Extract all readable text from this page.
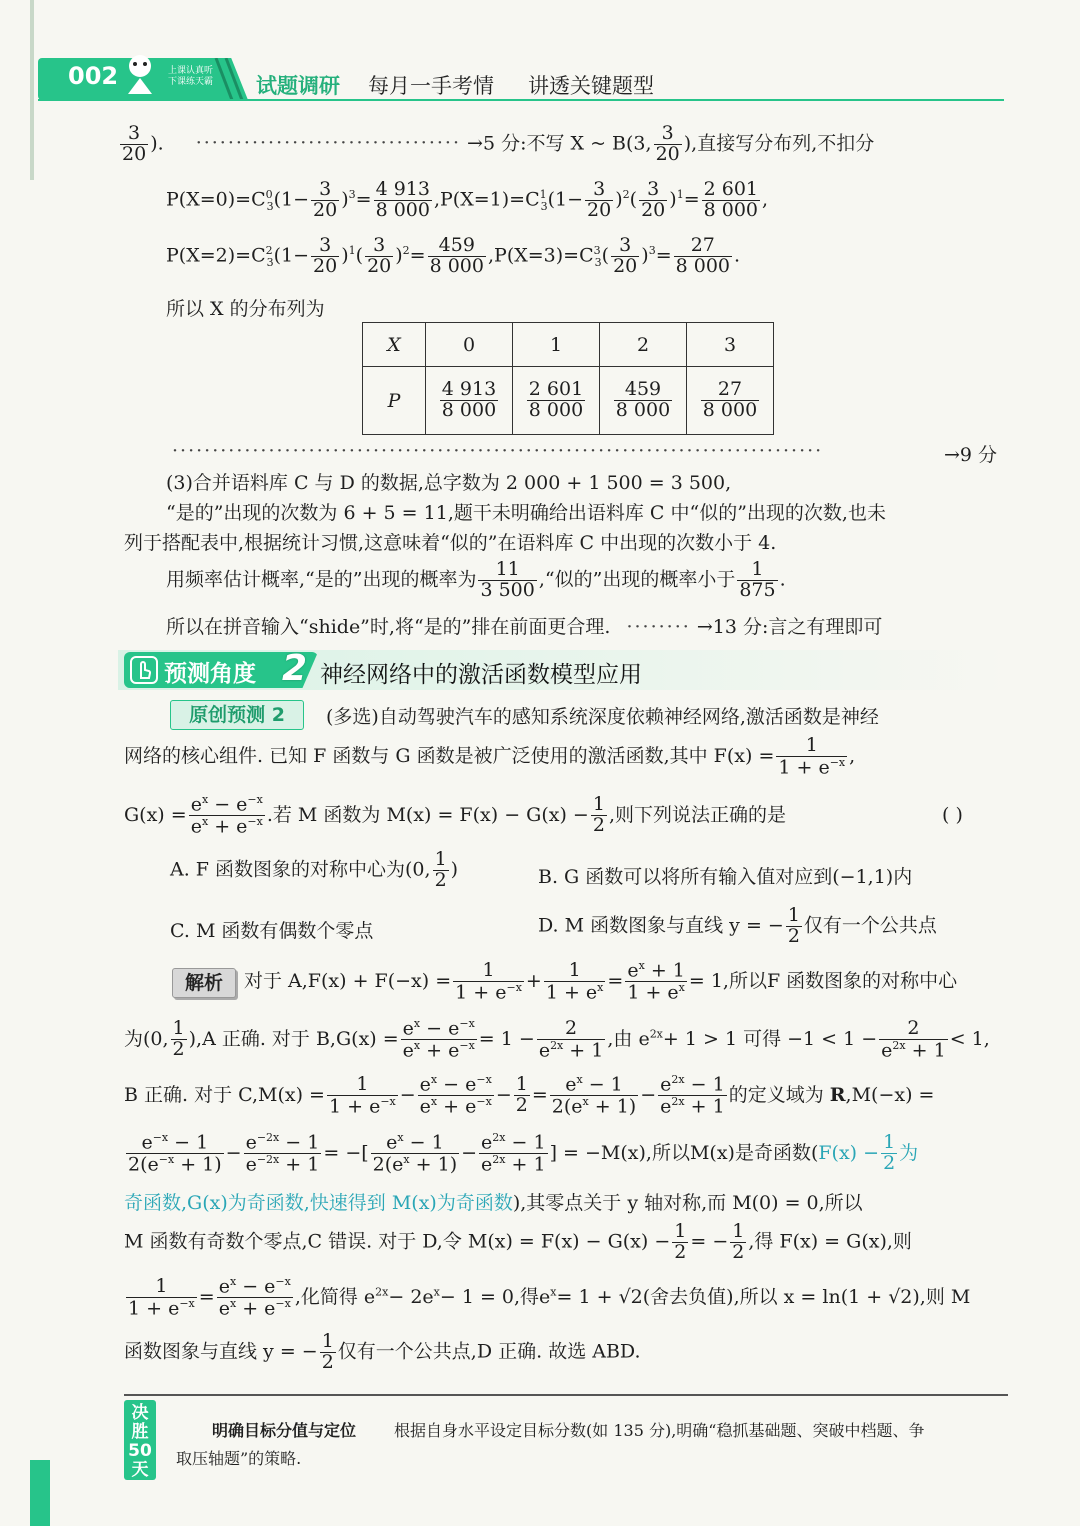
002	上课认真听
下课练天霸	试题调研 每月一手考情 讲透关键题型
$\frac{3}{20}$ ). ································· →5 分:不写 X ~ B(3, $\frac{3}{20}$ ),直接写分布列,不扣分
$P(X=0)=C^0_3(1- \frac{3}{20} )^3= \frac{4 913}{8 000} ,P(X=1)=C^1_3(1- \frac{3}{20} )^2( \frac{3}{20} )^1= \frac{2 601}{8 000}$ ,
$P(X=2)=C^2_3(1- \frac{3}{20} )^1( \frac{3}{20} )^2= \frac{459}{8 000} ,P(X=3)=C^3_3( \frac{3}{20} )^3= \frac{27}{8 000}$ .
所以 X 的分布列为
X	0	1	2	3
P	$\frac{4 913}{8 000}$	$\frac{2 601}{8 000}$	$\frac{459}{8 000}$	$\frac{27}{8 000}$
·················································································	→9 分
(3)合并语料库 C 与 D 的数据,总字数为 2 000 + 1 500 = 3 500,
“是的”出现的次数为 6 + 5 = 11,题干未明确给出语料库 C 中“似的”出现的次数,也未
列于搭配表中,根据统计习惯,这意味着“似的”在语料库 C 中出现的次数小于 4.
用频率估计概率,“是的”出现的概率为 $\frac{11}{3 500}$ ,“似的”出现的概率小于 $\frac{1}{875}$ .
所以在拼音输入“shide”时,将“是的”排在前面更合理. ········ →13 分:言之有理即可
预测角度 2 神经网络中的激活函数模型应用
原创预测 2	(多选)自动驾驶汽车的感知系统深度依赖神经网络,激活函数是神经
网络的核心组件. 已知 F 函数与 G 函数是被广泛使用的激活函数,其中 $F(x) = \frac{1}{1 + e^{-x}}$ ,
$G(x) = \frac{e^x - e^{-x}}{e^x + e^{-x}}$ .若 M 函数为 $M(x) = F(x) - G(x) - \frac{1}{2}$ ,则下列说法正确的是	( )
A. F 函数图象的对称中心为(0, $\frac{1}{2}$ )	B. G 函数可以将所有输入值对应到(−1,1)内
C. M 函数有偶数个零点	D. M 函数图象与直线 y = − $\frac{1}{2}$ 仅有一个公共点
解析	对于 $A,F(x) + F(-x) = \frac{1}{1 + e^{-x}} + \frac{1}{1 + e^x} = \frac{e^x + 1}{1 + e^x} = 1$,所以F 函数图象的对称中心
为(0, $\frac{1}{2} ),A$ 正确. 对于 $B,G(x) = \frac{e^x - e^{-x}}{e^x + e^{-x}} = 1 - \frac{2}{e^{2x} + 1}$ ,由 $e^{2x}+ 1 > 1$ 可得 $-1 < 1 - \frac{2}{e^{2x} + 1} < 1$,
B 正确. 对于 $C,M(x) = \frac{1}{1 + e^{-x}} - \frac{e^x - e^{-x}}{e^x + e^{-x}} - \frac{1}{2} = \frac{e^x - 1}{2(e^x + 1)} - \frac{e^{2x} - 1}{e^{2x} + 1}$ 的定义域为 R,M(−x) =
$\frac{e^{-x} - 1}{2(e^{-x} + 1)} - \frac{e^{-2x} - 1}{e^{-2x} + 1}$ = −[ $\frac{e^x - 1}{2(e^x + 1)} - \frac{e^{2x} - 1}{e^{2x} + 1}$ ] = −M(x),所以M(x)是奇函数($F(x) - \frac{1}{2}$ 为
奇函数,G(x)为奇函数,快速得到 M(x)为奇函数),其零点关于 y 轴对称,而 M(0) = 0,所以
M 函数有奇数个零点,C 错误. 对于 D,令 $M(x) = F(x) - G(x) - \frac{1}{2}$ = − $\frac{1}{2}$ ,得 F(x) = G(x),则
$\frac{1}{1 + e^{-x}} = \frac{e^x - e^{-x}}{e^x + e^{-x}}$ ,化简得 $e^{2x}- 2e^x- 1 = 0$,得$e^x= 1 + √2$(舍去负值),所以 x = ln(1 + √2),则 M
函数图象与直线 y = − $\frac{1}{2}$ 仅有一个公共点,D 正确. 故选 ABD.
决胜50天
明确目标分值与定位 根据自身水平设定目标分数(如 135 分),明确“稳抓基础题、突破中档题、争
取压轴题”的策略.
